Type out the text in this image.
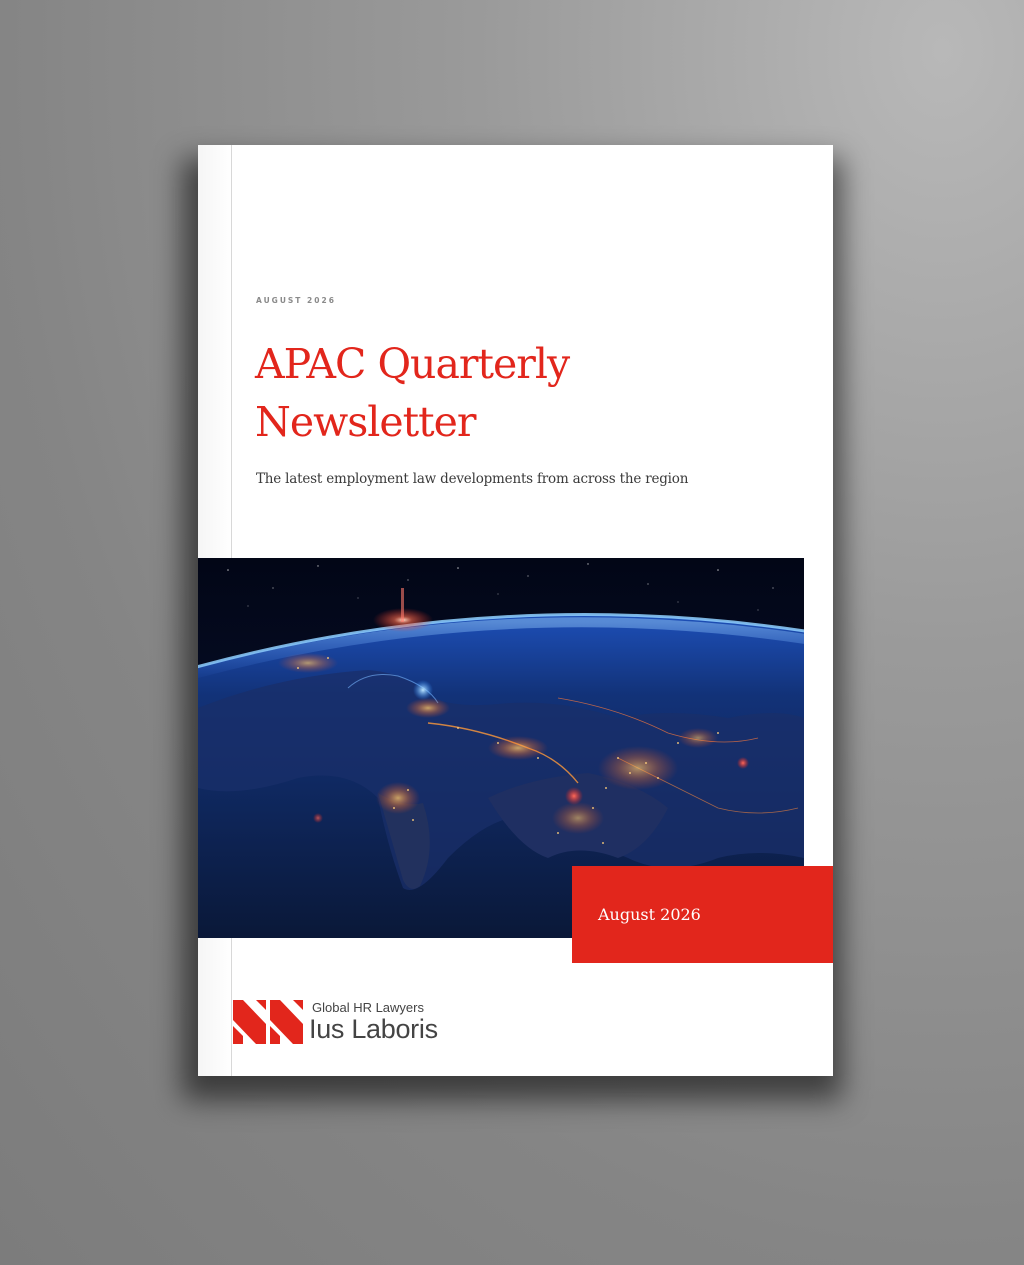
AUGUST 2026
APAC Quarterly Newsletter

The latest employment law developments from across the region

August 2026
Global HR Lawyers
Ius Laboris
